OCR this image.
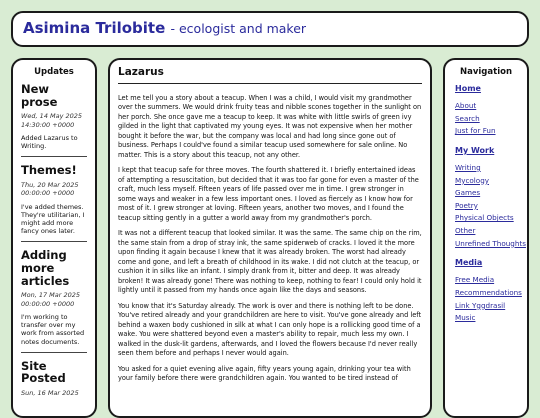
Asimina Trilobite - ecologist and maker
Updates
New prose
Wed, 14 May 2025 14:30:00 +0000
Added Lazarus to Writing.
Themes!
Thu, 20 Mar 2025 00:00:00 +0000
I've added themes. They're utilitarian, I might add more fancy ones later.
Adding more articles
Mon, 17 Mar 2025 00:00:00 +0000
I'm working to transfer over my work from assorted notes documents.
Site Posted
Sun, 16 Mar 2025
Lazarus

Let me tell you a story about a teacup. When I was a child, I would visit my grandmother over the summers. We would drink fruity teas and nibble scones together in the sunlight on her porch. She once gave me a teacup to keep. It was white with little swirls of green ivy gilded in the light that captivated my young eyes. It was not expensive when her mother bought it before the war, but the company was local and had long since gone out of business. Perhaps I could've found a similar teacup used somewhere for sale online. No matter. This is a story about this teacup, not any other.

I kept that teacup safe for three moves. The fourth shattered it. I briefly entertained ideas of attempting a resuscitation, but decided that it was too far gone for even a master of the craft, much less myself. Fifteen years of life passed over me in time. I grew stronger in some ways and weaker in a few less important ones. I loved as fiercely as I know how for most of it. I grew stronger at loving. Fifteen years, another two moves, and I found the teacup sitting gently in a gutter a world away from my grandmother's porch.

It was not a different teacup that looked similar. It was the same. The same chip on the rim, the same stain from a drop of stray ink, the same spiderweb of cracks. I loved it the more upon finding it again because I knew that it was already broken. The worst had already come and gone, and left a breath of childhood in its wake. I did not clutch at the teacup, or cushion it in silks like an infant. I simply drank from it, bitter and deep. It was already broken! It was already gone! There was nothing to keep, nothing to fear! I could only hold it lightly until it passed from my hands once again like the days and seasons.

You know that it's Saturday already. The work is over and there is nothing left to be done. You've retired already and your grandchildren are here to visit. You've gone already and left behind a waxen body cushioned in silk at what I can only hope is a rollicking good time of a wake. You were shattered beyond even a master's ability to repair, much less my own. I walked in the dusk-lit gardens, afterwards, and I loved the flowers because I'd never really seen them before and perhaps I never would again.

You asked for a quiet evening alive again, fifty years young again, drinking your tea with your family before there were grandchildren again. You wanted to be tired instead of

Navigation
Home
About
Search
Just for Fun
My Work
Writing
Mycology
Games
Poetry
Physical Objects
Other
Unrefined Thoughts
Media
Free Media
Recommendations
Link Yggdrasil
Music
